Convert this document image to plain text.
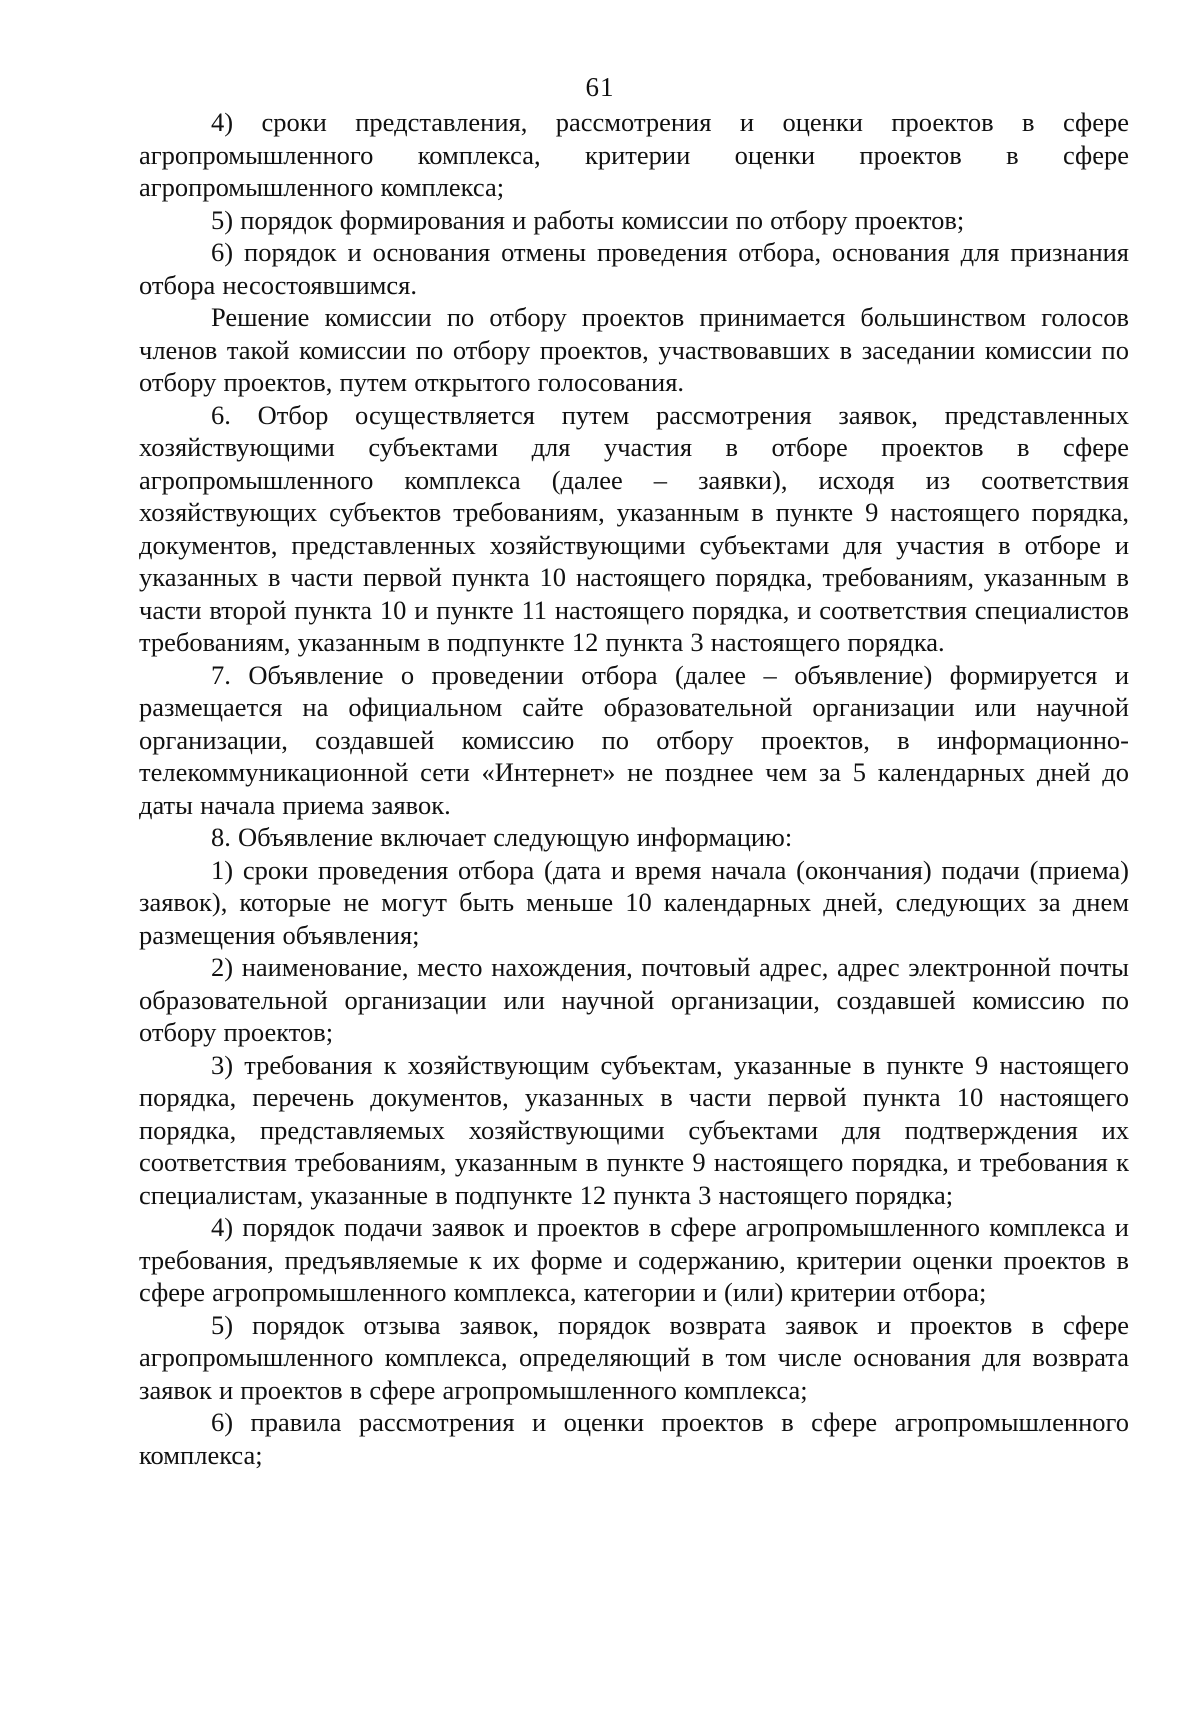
61

4) сроки представления, рассмотрения и оценки проектов в сфере агропромышленного комплекса, критерии оценки проектов в сфере агропромышленного комплекса;

5) порядок формирования и работы комиссии по отбору проектов;

6) порядок и основания отмены проведения отбора, основания для признания отбора несостоявшимся.

Решение комиссии по отбору проектов принимается большинством голосов членов такой комиссии по отбору проектов, участвовавших в заседании комиссии по отбору проектов, путем открытого голосования.

6. Отбор осуществляется путем рассмотрения заявок, представленных хозяйствующими субъектами для участия в отборе проектов в сфере агропромышленного комплекса (далее – заявки), исходя из соответствия хозяйствующих субъектов требованиям, указанным в пункте 9 настоящего порядка, документов, представленных хозяйствующими субъектами для участия в отборе и указанных в части первой пункта 10 настоящего порядка, требованиям, указанным в части второй пункта 10 и пункте 11 настоящего порядка, и соответствия специалистов требованиям, указанным в подпункте 12 пункта 3 настоящего порядка.

7. Объявление о проведении отбора (далее – объявление) формируется и размещается на официальном сайте образовательной организации или научной организации, создавшей комиссию по отбору проектов, в информационно-телекоммуникационной сети «Интернет» не позднее чем за 5 календарных дней до даты начала приема заявок.

8. Объявление включает следующую информацию:

1) сроки проведения отбора (дата и время начала (окончания) подачи (приема) заявок), которые не могут быть меньше 10 календарных дней, следующих за днем размещения объявления;

2) наименование, место нахождения, почтовый адрес, адрес электронной почты образовательной организации или научной организации, создавшей комиссию по отбору проектов;

3) требования к хозяйствующим субъектам, указанные в пункте 9 настоящего порядка, перечень документов, указанных в части первой пункта 10 настоящего порядка, представляемых хозяйствующими субъектами для подтверждения их соответствия требованиям, указанным в пункте 9 настоящего порядка, и требования к специалистам, указанные в подпункте 12 пункта 3 настоящего порядка;

4) порядок подачи заявок и проектов в сфере агропромышленного комплекса и требования, предъявляемые к их форме и содержанию, критерии оценки проектов в сфере агропромышленного комплекса, категории и (или) критерии отбора;

5) порядок отзыва заявок, порядок возврата заявок и проектов в сфере агропромышленного комплекса, определяющий в том числе основания для возврата заявок и проектов в сфере агропромышленного комплекса;

6) правила рассмотрения и оценки проектов в сфере агропромышленного комплекса;
